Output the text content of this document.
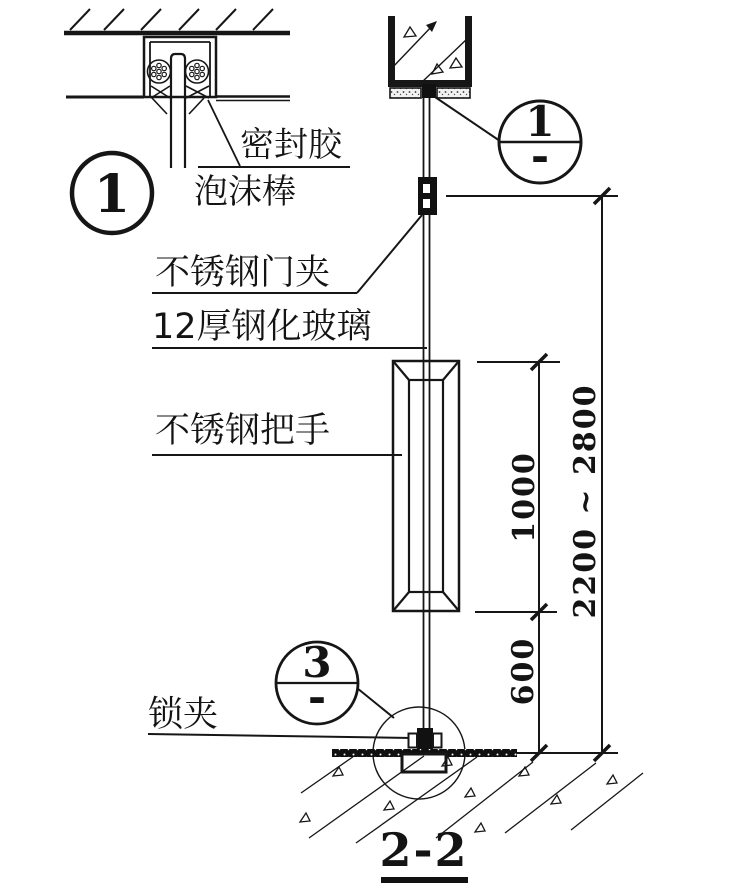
密封胶
泡沫棒
1
1
-
不锈钢门夹
12厚钢化玻璃
不锈钢把手
1000
600
2200 ~ 2800
锁夹
3
-
2-2
